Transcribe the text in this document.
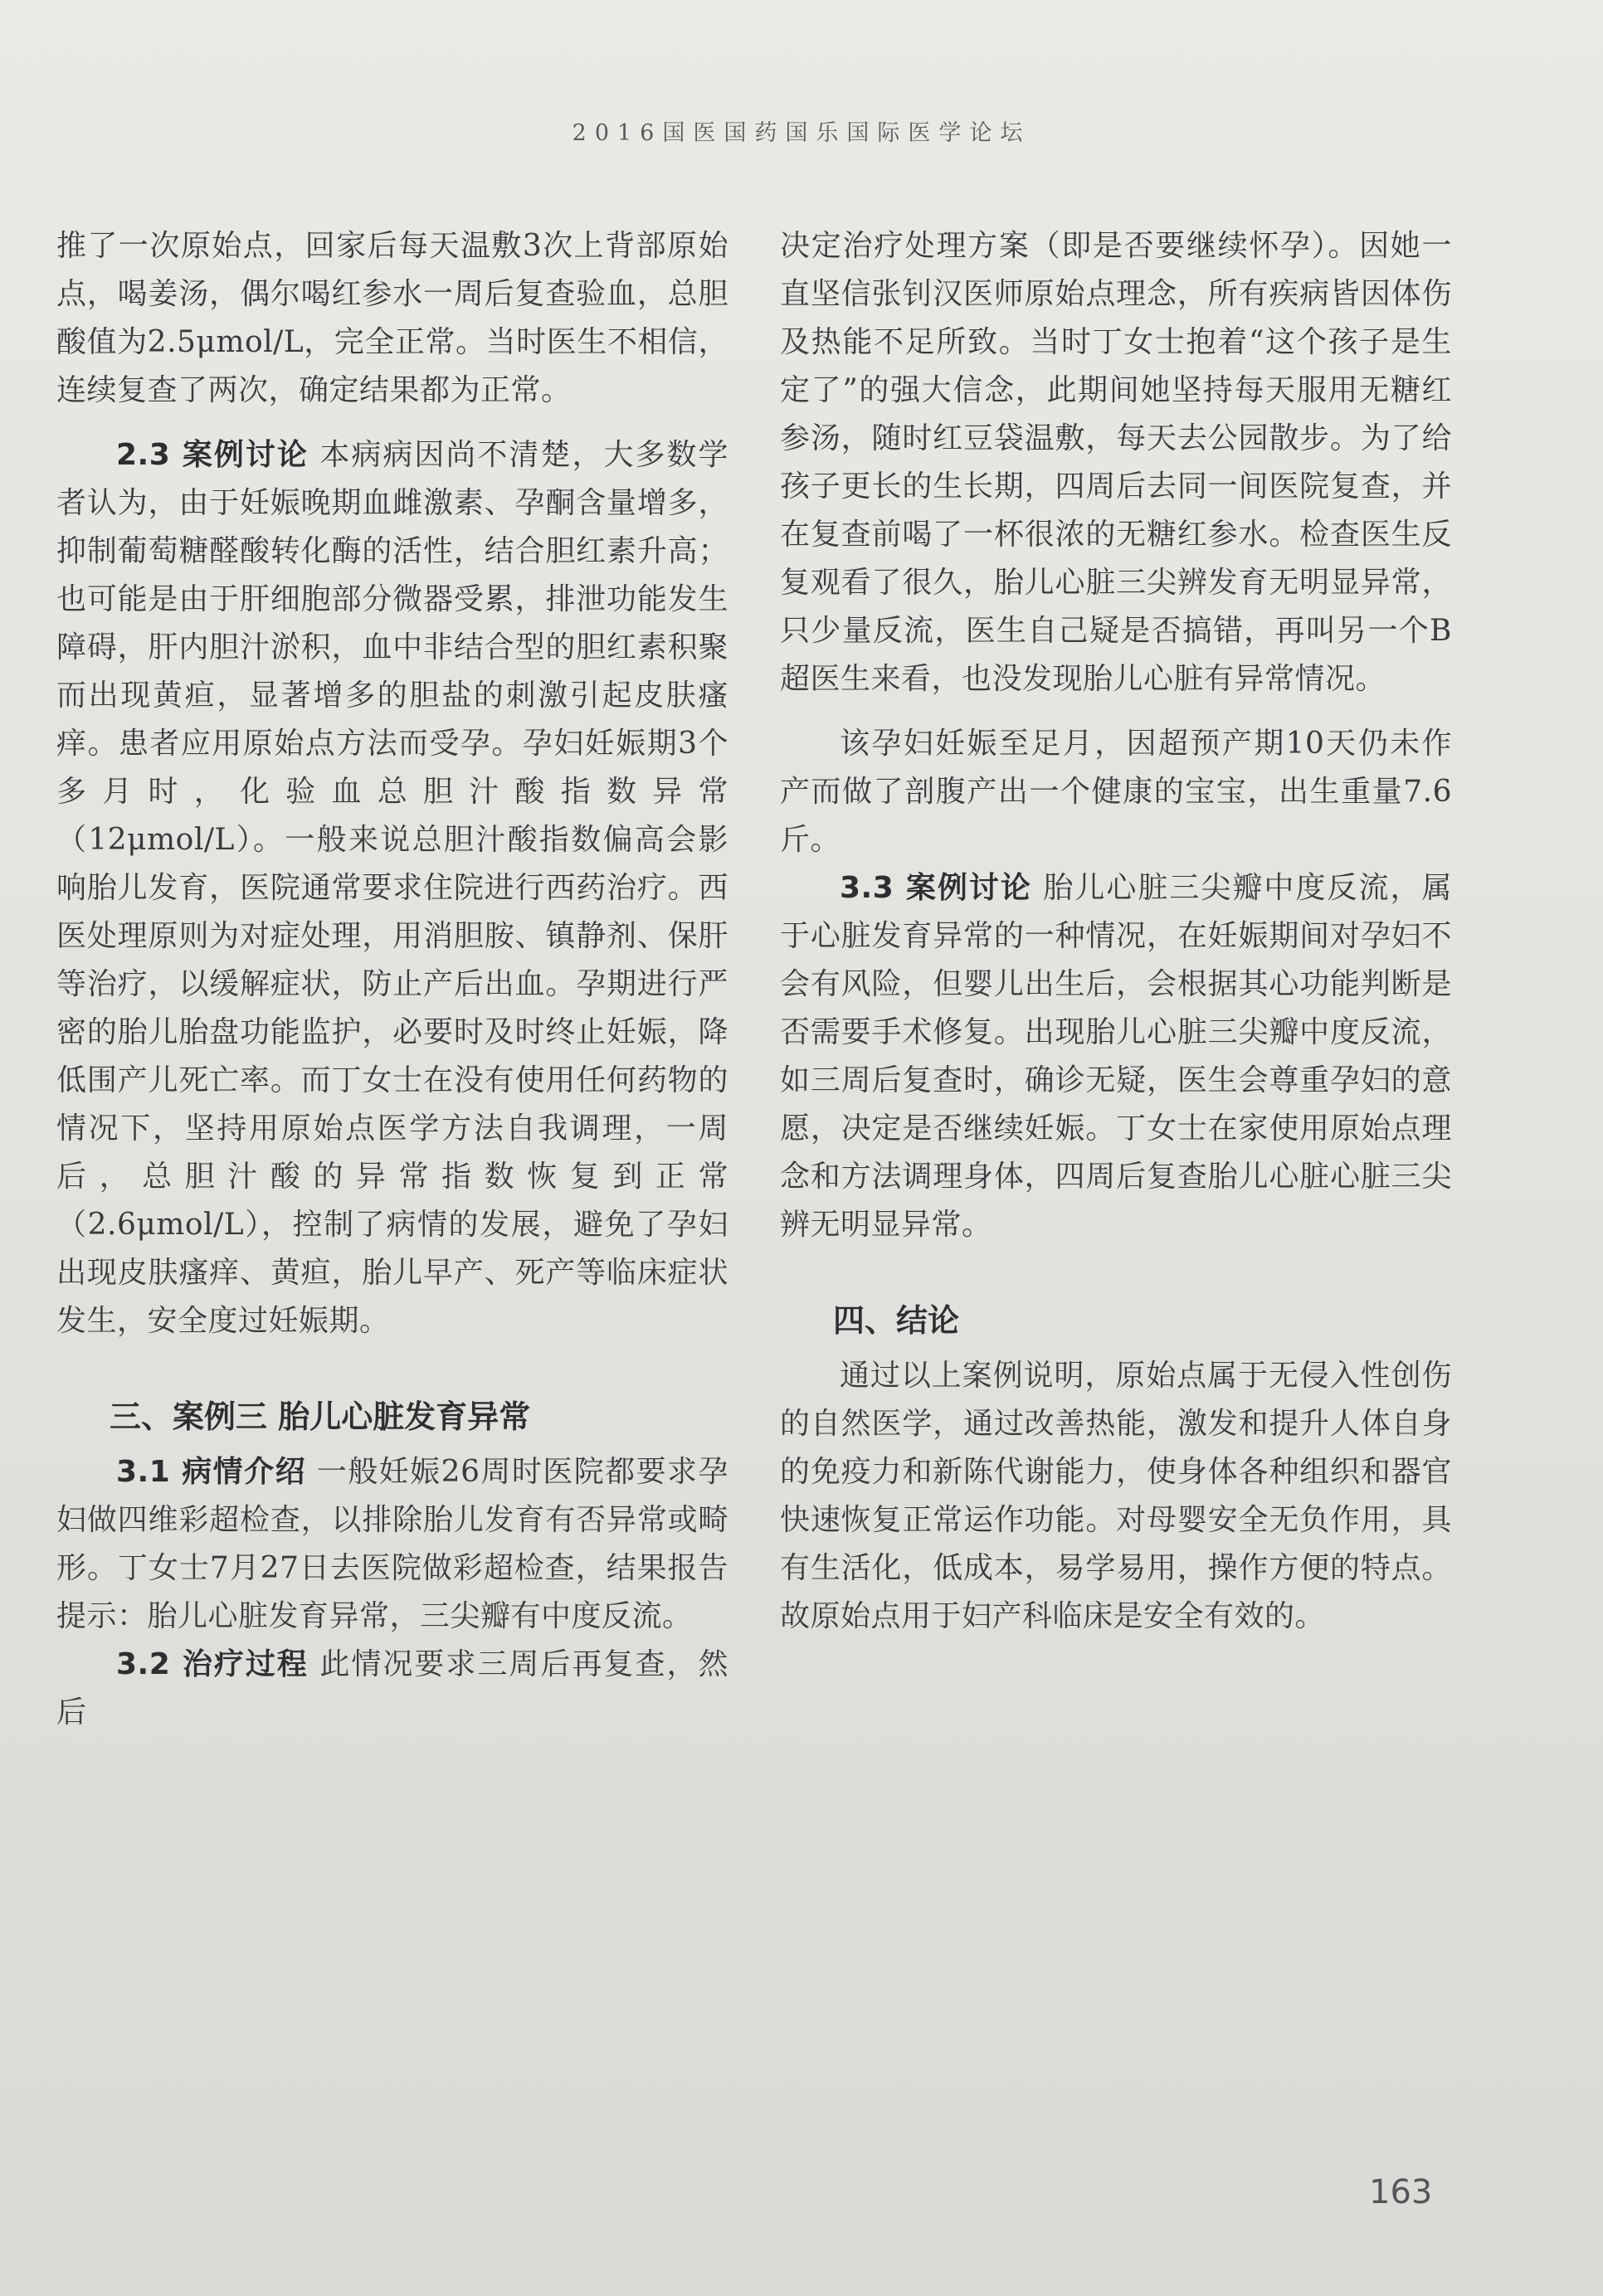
2016国医国药国乐国际医学论坛

推了一次原始点，回家后每天温敷3次上背部原始点，喝姜汤，偶尔喝红参水一周后复查验血，总胆酸值为2.5μmol/L，完全正常。当时医生不相信，连续复查了两次，确定结果都为正常。

2.3 案例讨论 本病病因尚不清楚，大多数学者认为，由于妊娠晚期血雌激素、孕酮含量增多，抑制葡萄糖醛酸转化酶的活性，结合胆红素升高；也可能是由于肝细胞部分微器受累，排泄功能发生障碍，肝内胆汁淤积，血中非结合型的胆红素积聚而出现黄疸，显著增多的胆盐的刺激引起皮肤瘙痒。患者应用原始点方法而受孕。孕妇妊娠期3个多月时，化验血总胆汁酸指数异常（12μmol/L）。一般来说总胆汁酸指数偏高会影响胎儿发育，医院通常要求住院进行西药治疗。西医处理原则为对症处理，用消胆胺、镇静剂、保肝等治疗，以缓解症状，防止产后出血。孕期进行严密的胎儿胎盘功能监护，必要时及时终止妊娠，降低围产儿死亡率。而丁女士在没有使用任何药物的情况下，坚持用原始点医学方法自我调理，一周后，总胆汁酸的异常指数恢复到正常（2.6μmol/L），控制了病情的发展，避免了孕妇出现皮肤瘙痒、黄疸，胎儿早产、死产等临床症状发生，安全度过妊娠期。

三、案例三 胎儿心脏发育异常

3.1 病情介绍 一般妊娠26周时医院都要求孕妇做四维彩超检查，以排除胎儿发育有否异常或畸形。丁女士7月27日去医院做彩超检查，结果报告提示：胎儿心脏发育异常，三尖瓣有中度反流。

3.2 治疗过程 此情况要求三周后再复查，然后

决定治疗处理方案（即是否要继续怀孕）。因她一直坚信张钊汉医师原始点理念，所有疾病皆因体伤及热能不足所致。当时丁女士抱着“这个孩子是生定了”的强大信念，此期间她坚持每天服用无糖红参汤，随时红豆袋温敷，每天去公园散步。为了给孩子更长的生长期，四周后去同一间医院复查，并在复查前喝了一杯很浓的无糖红参水。检查医生反复观看了很久，胎儿心脏三尖辨发育无明显异常，只少量反流，医生自己疑是否搞错，再叫另一个B超医生来看，也没发现胎儿心脏有异常情况。

该孕妇妊娠至足月，因超预产期10天仍未作产而做了剖腹产出一个健康的宝宝，出生重量7.6斤。

3.3 案例讨论 胎儿心脏三尖瓣中度反流，属于心脏发育异常的一种情况，在妊娠期间对孕妇不会有风险，但婴儿出生后，会根据其心功能判断是否需要手术修复。出现胎儿心脏三尖瓣中度反流，如三周后复查时，确诊无疑，医生会尊重孕妇的意愿，决定是否继续妊娠。丁女士在家使用原始点理念和方法调理身体，四周后复查胎儿心脏心脏三尖辨无明显异常。

四、结论

通过以上案例说明，原始点属于无侵入性创伤的自然医学，通过改善热能，激发和提升人体自身的免疫力和新陈代谢能力，使身体各种组织和器官快速恢复正常运作功能。对母婴安全无负作用，具有生活化，低成本，易学易用，操作方便的特点。故原始点用于妇产科临床是安全有效的。

163
